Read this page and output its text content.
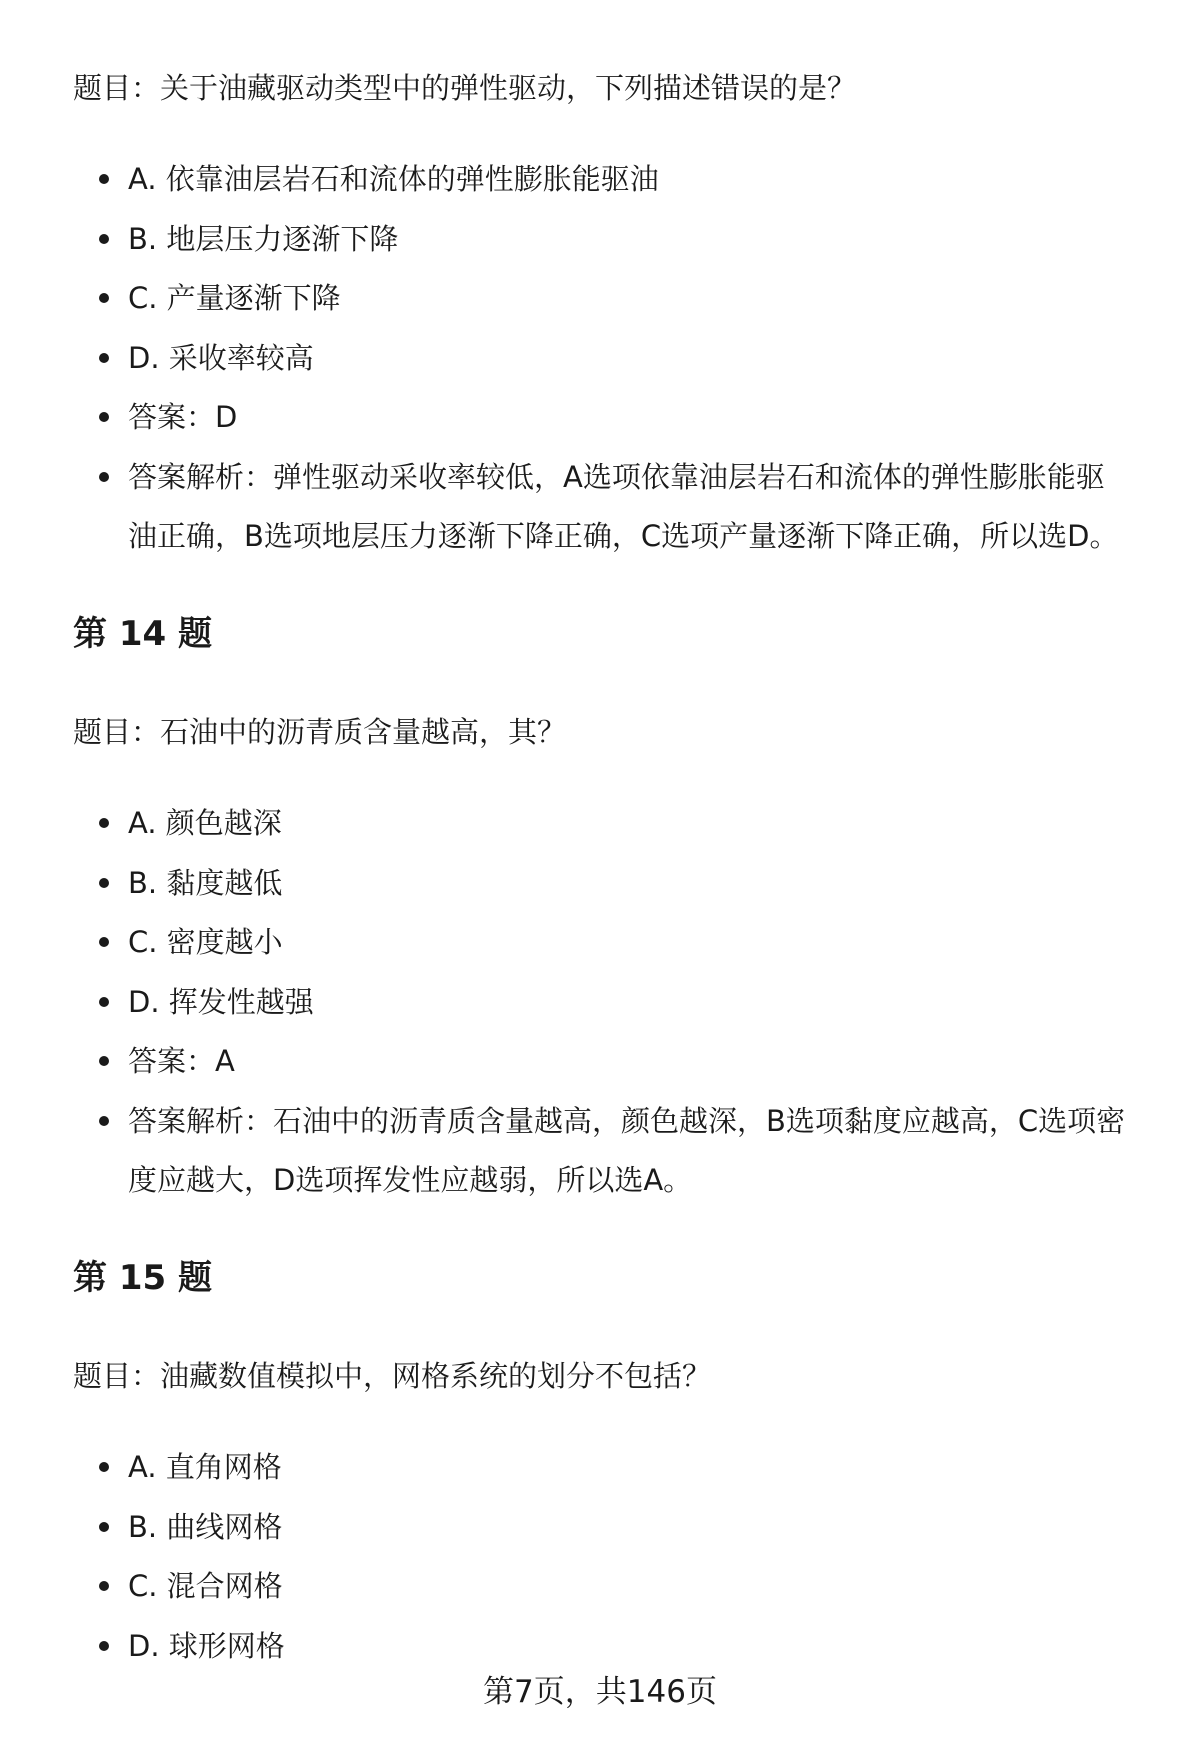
题目：关于油藏驱动类型中的弹性驱动，下列描述错误的是？

A. 依靠油层岩石和流体的弹性膨胀能驱油
B. 地层压力逐渐下降
C. 产量逐渐下降
D. 采收率较高
答案：D
答案解析：弹性驱动采收率较低，A选项依靠油层岩石和流体的弹性膨胀能驱
油正确，B选项地层压力逐渐下降正确，C选项产量逐渐下降正确，所以选D。
第 14 题

题目：石油中的沥青质含量越高，其？

A. 颜色越深
B. 黏度越低
C. 密度越小
D. 挥发性越强
答案：A
答案解析：石油中的沥青质含量越高，颜色越深，B选项黏度应越高，C选项密
度应越大，D选项挥发性应越弱，所以选A。
第 15 题

题目：油藏数值模拟中，网格系统的划分不包括？

A. 直角网格
B. 曲线网格
C. 混合网格
D. 球形网格
第7页，共146页
